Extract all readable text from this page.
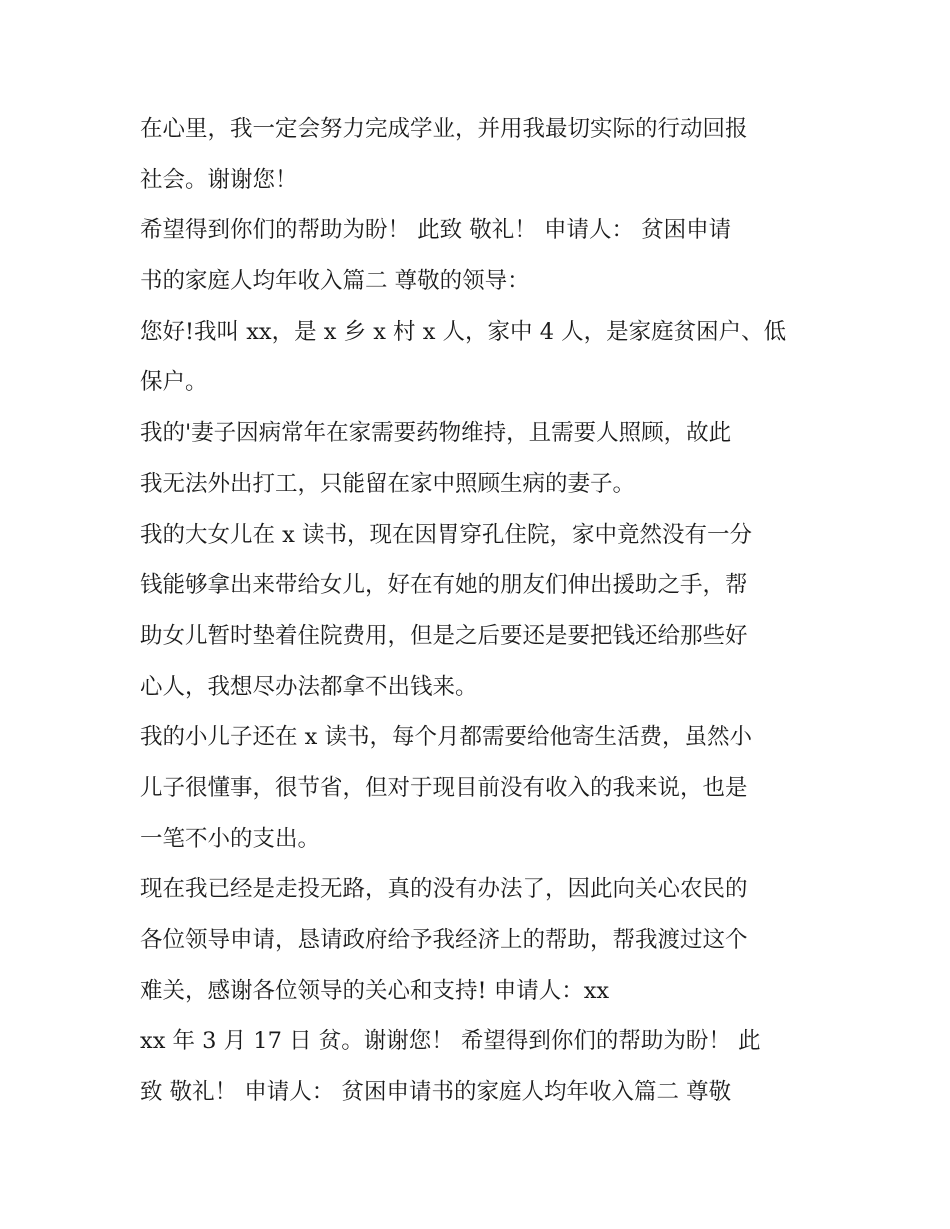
在心里，我一定会努力完成学业，并用我最切实际的行动回报
社会。谢谢您！
希望得到你们的帮助为盼！ 此致 敬礼！ 申请人： 贫困申请
书的家庭人均年收入篇二 尊敬的领导：
您好!我叫 xx，是 x 乡 x 村 x 人，家中 4 人，是家庭贫困户、低
保户。
我的'妻子因病常年在家需要药物维持，且需要人照顾，故此
我无法外出打工，只能留在家中照顾生病的妻子。
我的大女儿在 x 读书，现在因胃穿孔住院，家中竟然没有一分
钱能够拿出来带给女儿，好在有她的朋友们伸出援助之手，帮
助女儿暂时垫着住院费用，但是之后要还是要把钱还给那些好
心人，我想尽办法都拿不出钱来。
我的小儿子还在 x 读书，每个月都需要给他寄生活费，虽然小
儿子很懂事，很节省，但对于现目前没有收入的我来说，也是
一笔不小的支出。
现在我已经是走投无路，真的没有办法了，因此向关心农民的
各位领导申请，恳请政府给予我经济上的帮助，帮我渡过这个
难关，感谢各位领导的关心和支持! 申请人：xx
xx 年 3 月 17 日 贫。谢谢您！ 希望得到你们的帮助为盼！ 此
致 敬礼！ 申请人： 贫困申请书的家庭人均年收入篇二 尊敬
